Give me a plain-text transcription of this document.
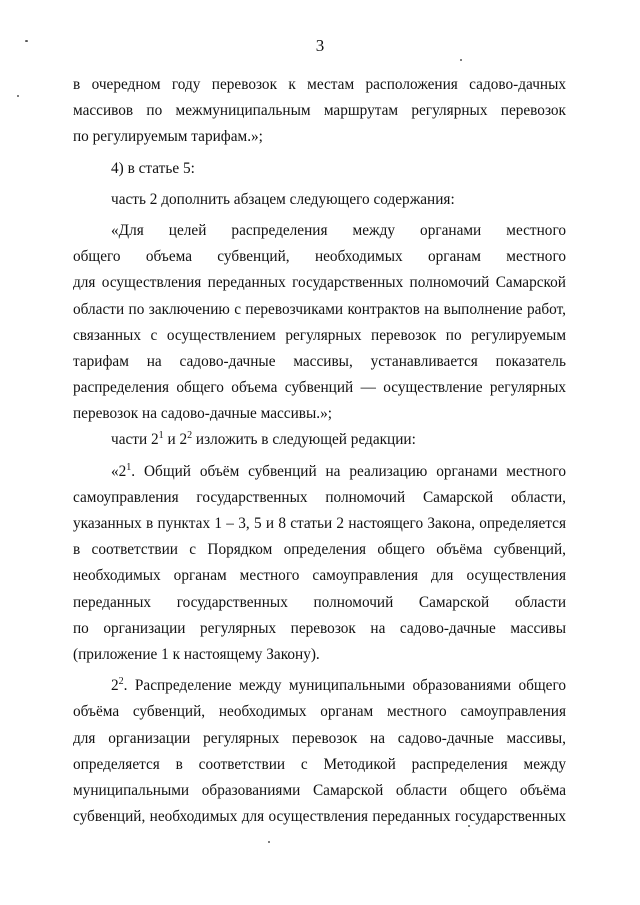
3
в очередном году перевозок к местам расположения садово-дачных
массивов по межмуниципальным маршрутам регулярных перевозок
по регулируемым тарифам.»;
4) в статье 5:
часть 2 дополнить абзацем следующего содержания:
«Для целей распределения между органами местного
общего объема субвенций, необходимых органам местного
для осуществления переданных государственных полномочий Самарской
области по заключению с перевозчиками контрактов на выполнение работ,
связанных с осуществлением регулярных перевозок по регулируемым
тарифам на садово-дачные массивы, устанавливается показатель
распределения общего объема субвенций — осуществление регулярных
перевозок на садово-дачные массивы.»;
части $2^1$ и $2^2$ изложить в следующей редакции:
«$2^1$. Общий объём субвенций на реализацию органами местного
самоуправления государственных полномочий Самарской области,
указанных в пунктах 1 – 3, 5 и 8 статьи 2 настоящего Закона, определяется
в соответствии с Порядком определения общего объёма субвенций,
необходимых органам местного самоуправления для осуществления
переданных государственных полномочий Самарской области
по организации регулярных перевозок на садово-дачные массивы
(приложение 1 к настоящему Закону).
$2^2$. Распределение между муниципальными образованиями общего
объёма субвенций, необходимых органам местного самоуправления
для организации регулярных перевозок на садово-дачные массивы,
определяется в соответствии с Методикой распределения между
муниципальными образованиями Самарской области общего объёма
субвенций, необходимых для осуществления переданных государственных
